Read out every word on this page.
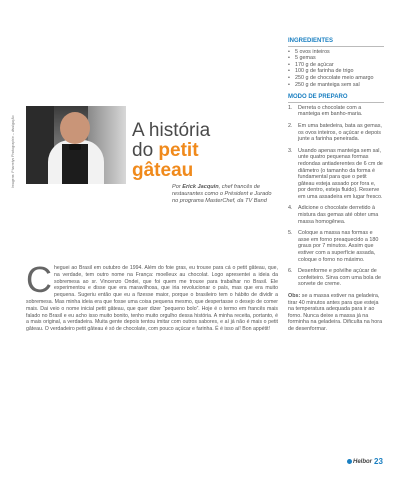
Imagens: Pharrelys Photographie – divulgação	A história
do petit
gâteau
Por Erick Jacquin, chef francês de restaurantes como o Président e Jurado no programa MasterChef, da TV Band
Cheguei ao Brasil em outubro de 1994. Além do foie gras, eu trouxe para cá o petit gâteau, que, na verdade, tem outro nome na França: moelleux au chocolat. Logo apresentei a ideia da sobremesa ao sr. Vincenzo Ondei, que foi quem me trouxe para trabalhar no Brasil. Ele experimentou e disse que era maravilhosa, que iria revolucionar o país, mas que era muito pequena. Sugeriu então que eu a fizesse maior, porque o brasileiro tem o hábito de dividir a sobremesa. Mas minha ideia era que fosse uma coisa pequena mesmo, que despertasse o desejo de comer mais. Dai veio o nome inicial petit gâteau, que quer dizer “pequeno bolo”. Hoje é o termo em francês mais falado no Brasil e eu acho isso muito bonito, tenho muito orgulho dessa história. A minha receita, portanto, é a mais original, a verdadeira. Muita gente depois tentou imitar com outros sabores, e aí já não é mais o petit gâteau. O verdadeiro petit gâteau é só de chocolate, com pouco açúcar e farinha. É é isso aí! Bon appétit!
INGREDIENTES
• 5 ovos inteiros
• 5 gemas
• 170 g de açúcar
• 100 g de farinha de trigo
• 250 g de chocolate meio amargo
• 250 g de manteiga sem sal
MODO DE PREPARO
1.	Derreta o chocolate com a manteiga em banho-maria.
2.	Em uma batedeira, bata as gemas, os ovos inteiros, o açúcar e depois junte a farinha peneirada.
3.	Usando apenas manteiga sem sal, unte quatro pequenas formas redondas antiaderentes de 6 cm de diâmetro (o tamanho da forma é fundamental para que o petit gâteau esteja assado por fora e, por dentro, esteja fluido). Reserve em uma assadeira em lugar fresco.
4.	Adicione o chocolate derretido à mistura das gemas até obter uma massa homogênea.
5.	Coloque a massa nas formas e asse em forno preaquecido a 180 graus por 7 minutos. Assim que estiver com a superfície assada, coloque o forno no máximo.
6.	Desenforme e polvilhe açúcar de confeiteiro. Sirva com uma bola de sorvete de creme.
Obs: se a massa estiver na geladeira, tirar 40 minutos antes para que esteja na temperatura adequada para ir ao forno. Nunca deixe a massa já na forminha na geladeira. Dificulta na hora de desenformar.
Helbor 23
